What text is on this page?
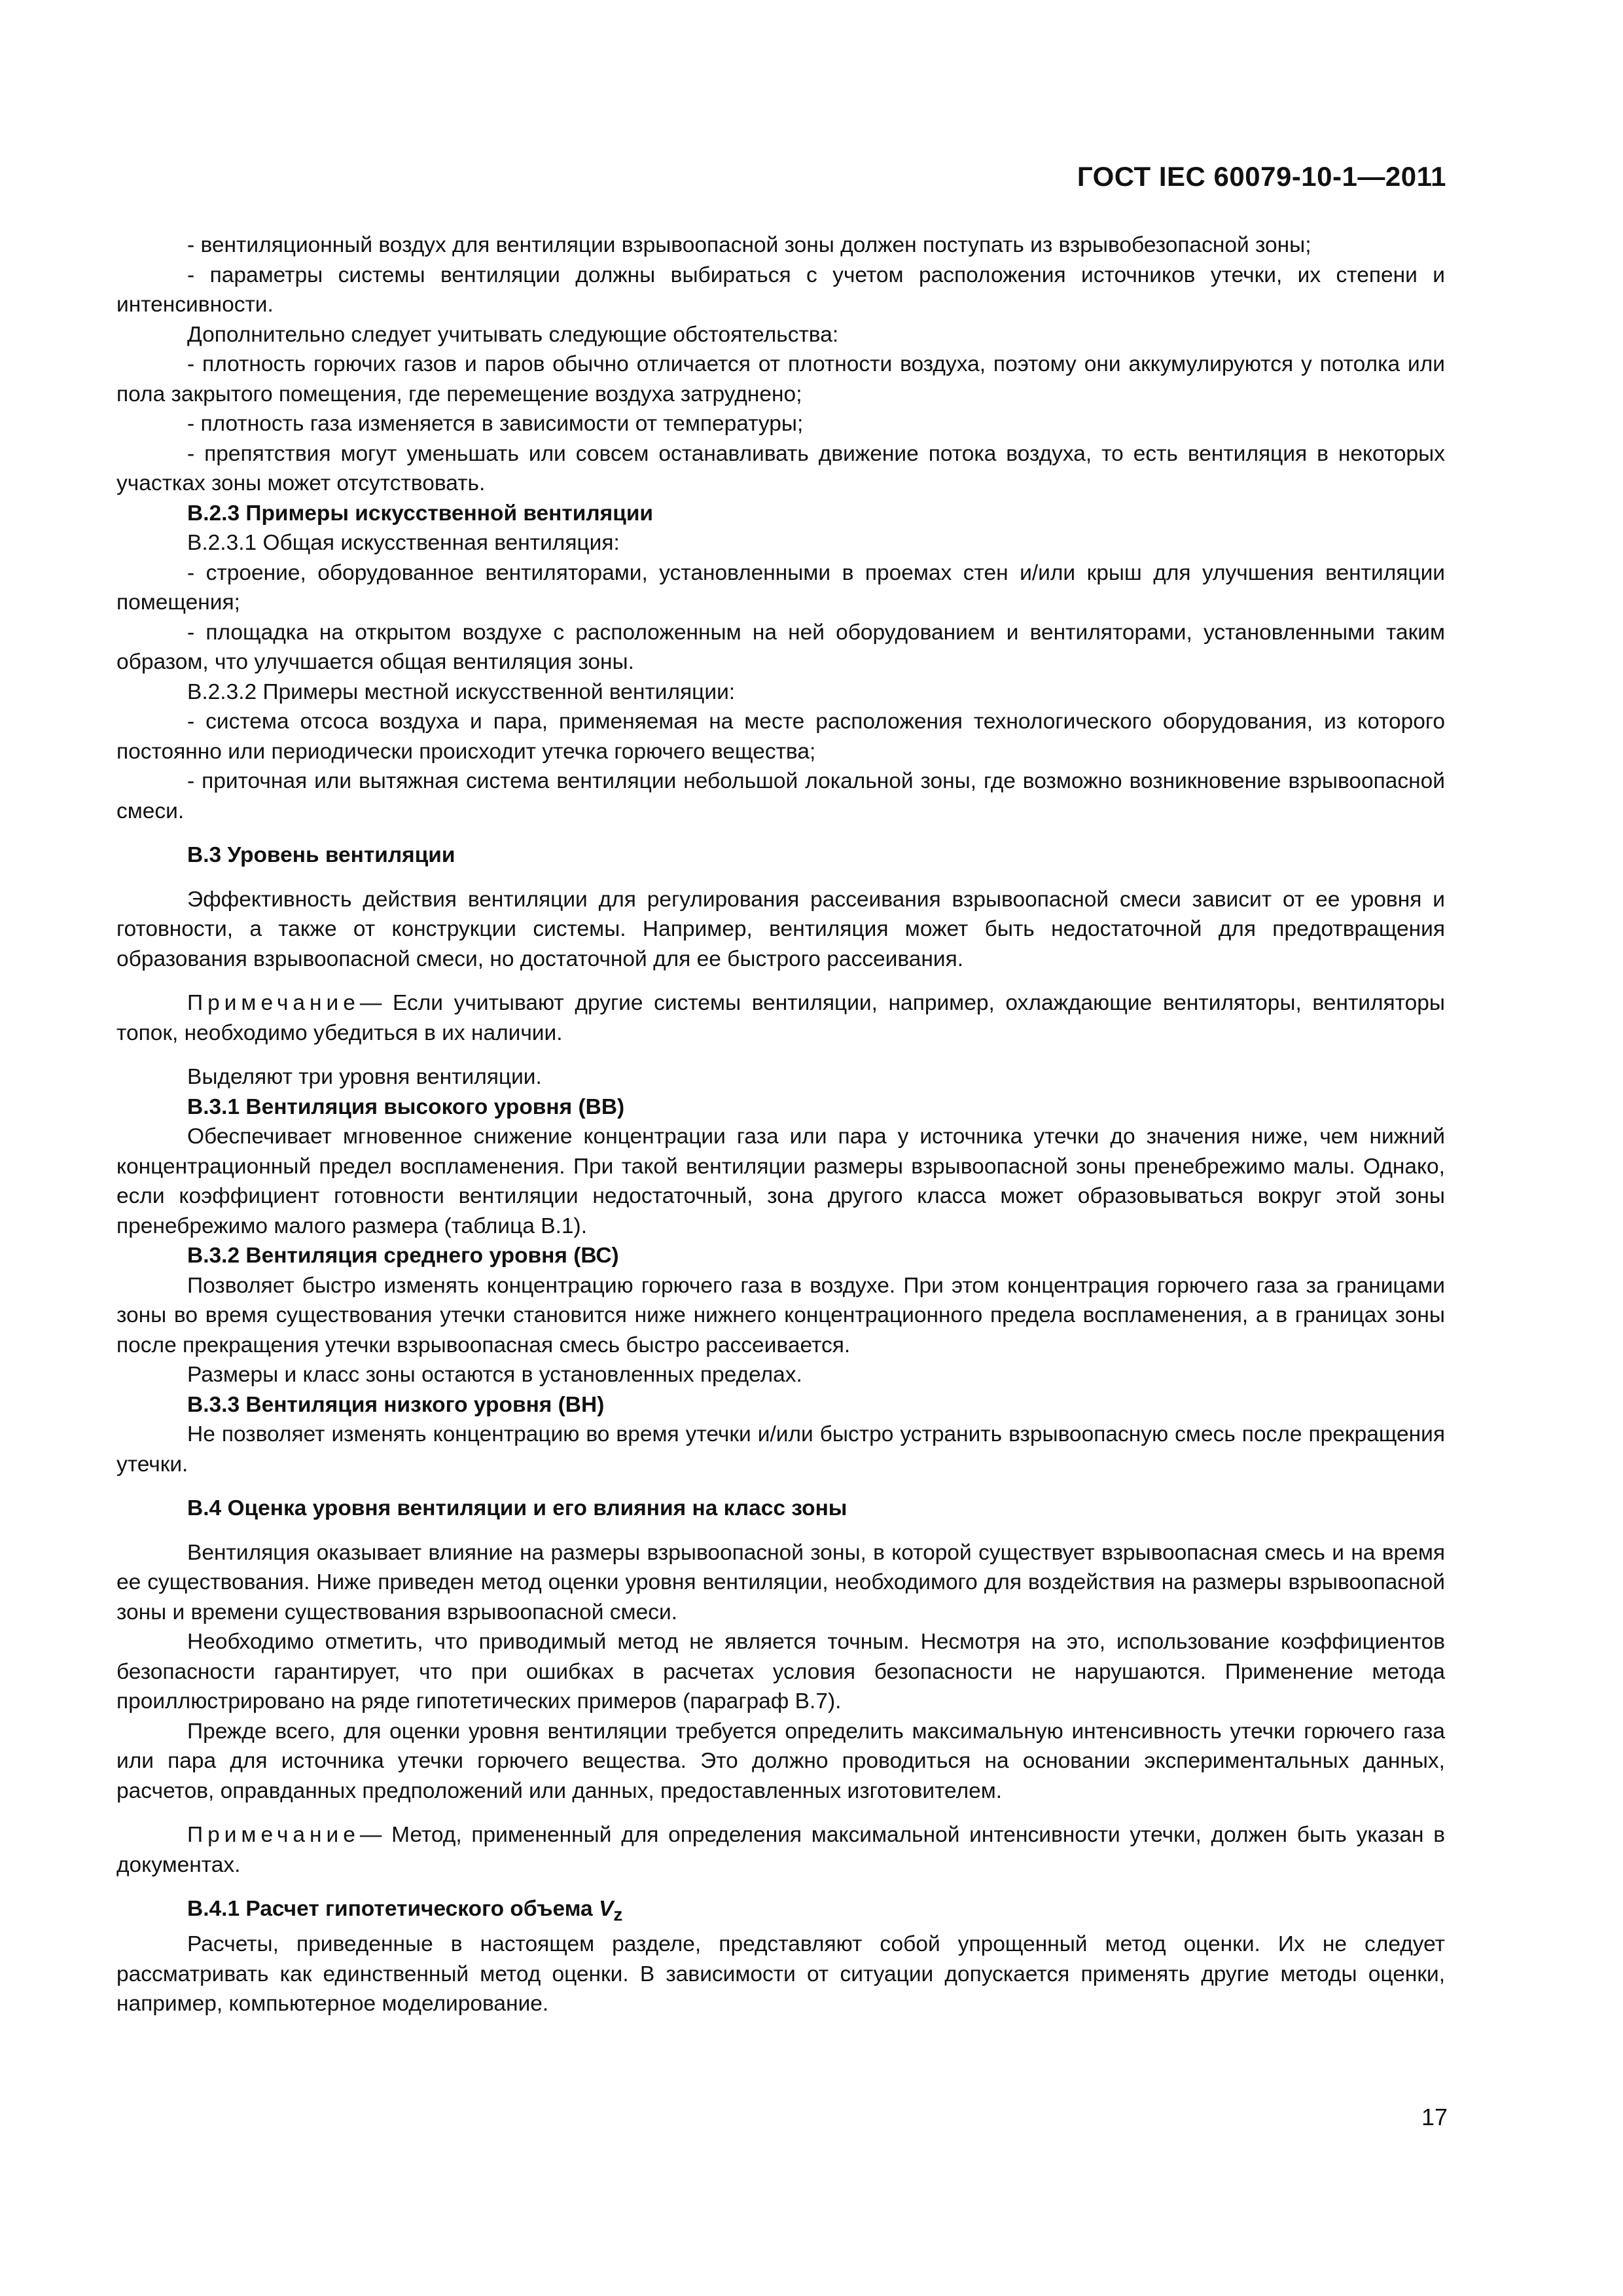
ГОСТ IEC 60079-10-1—2011

- вентиляционный воздух для вентиляции взрывоопасной зоны должен поступать из взрывобезопасной зоны;

- параметры системы вентиляции должны выбираться с учетом расположения источников утечки, их степени и интенсивности.

Дополнительно следует учитывать следующие обстоятельства:

- плотность горючих газов и паров обычно отличается от плотности воздуха, поэтому они аккумулируются у потолка или пола закрытого помещения, где перемещение воздуха затруднено;

- плотность газа изменяется в зависимости от температуры;

- препятствия могут уменьшать или совсем останавливать движение потока воздуха, то есть вентиляция в некоторых участках зоны может отсутствовать.

В.2.3 Примеры искусственной вентиляции

В.2.3.1 Общая искусственная вентиляция:

- строение, оборудованное вентиляторами, установленными в проемах стен и/или крыш для улучшения вентиляции помещения;

- площадка на открытом воздухе с расположенным на ней оборудованием и вентиляторами, установленными таким образом, что улучшается общая вентиляция зоны.

В.2.3.2 Примеры местной искусственной вентиляции:

- система отсоса воздуха и пара, применяемая на месте расположения технологического оборудования, из которого постоянно или периодически происходит утечка горючего вещества;

- приточная или вытяжная система вентиляции небольшой локальной зоны, где возможно возникновение взрывоопасной смеси.

В.3 Уровень вентиляции

Эффективность действия вентиляции для регулирования рассеивания взрывоопасной смеси зависит от ее уровня и готовности, а также от конструкции системы. Например, вентиляция может быть недостаточной для предотвращения образования взрывоопасной смеси, но достаточной для ее быстрого рассеивания.

Примечание— Если учитывают другие системы вентиляции, например, охлаждающие вентиляторы, вентиляторы топок, необходимо убедиться в их наличии.

Выделяют три уровня вентиляции.

В.3.1 Вентиляция высокого уровня (ВВ)

Обеспечивает мгновенное снижение концентрации газа или пара у источника утечки до значения ниже, чем нижний концентрационный предел воспламенения. При такой вентиляции размеры взрывоопасной зоны пренебрежимо малы. Однако, если коэффициент готовности вентиляции недостаточный, зона другого класса может образовываться вокруг этой зоны пренебрежимо малого размера (таблица В.1).

В.3.2 Вентиляция среднего уровня (ВС)

Позволяет быстро изменять концентрацию горючего газа в воздухе. При этом концентрация горючего газа за границами зоны во время существования утечки становится ниже нижнего концентрационного предела воспламенения, а в границах зоны после прекращения утечки взрывоопасная смесь быстро рассеивается.

Размеры и класс зоны остаются в установленных пределах.

В.3.3 Вентиляция низкого уровня (ВН)

Не позволяет изменять концентрацию во время утечки и/или быстро устранить взрывоопасную смесь после прекращения утечки.

В.4 Оценка уровня вентиляции и его влияния на класс зоны

Вентиляция оказывает влияние на размеры взрывоопасной зоны, в которой существует взрывоопасная смесь и на время ее существования. Ниже приведен метод оценки уровня вентиляции, необходимого для воздействия на размеры взрывоопасной зоны и времени существования взрывоопасной смеси.

Необходимо отметить, что приводимый метод не является точным. Несмотря на это, использование коэффициентов безопасности гарантирует, что при ошибках в расчетах условия безопасности не нарушаются. Применение метода проиллюстрировано на ряде гипотетических примеров (параграф В.7).

Прежде всего, для оценки уровня вентиляции требуется определить максимальную интенсивность утечки горючего газа или пара для источника утечки горючего вещества. Это должно проводиться на основании экспериментальных данных, расчетов, оправданных предположений или данных, предоставленных изготовителем.

Примечание— Метод, примененный для определения максимальной интенсивности утечки, должен быть указан в документах.

В.4.1 Расчет гипотетического объема $V_z$

Расчеты, приведенные в настоящем разделе, представляют собой упрощенный метод оценки. Их не следует рассматривать как единственный метод оценки. В зависимости от ситуации допускается применять другие методы оценки, например, компьютерное моделирование.

17
